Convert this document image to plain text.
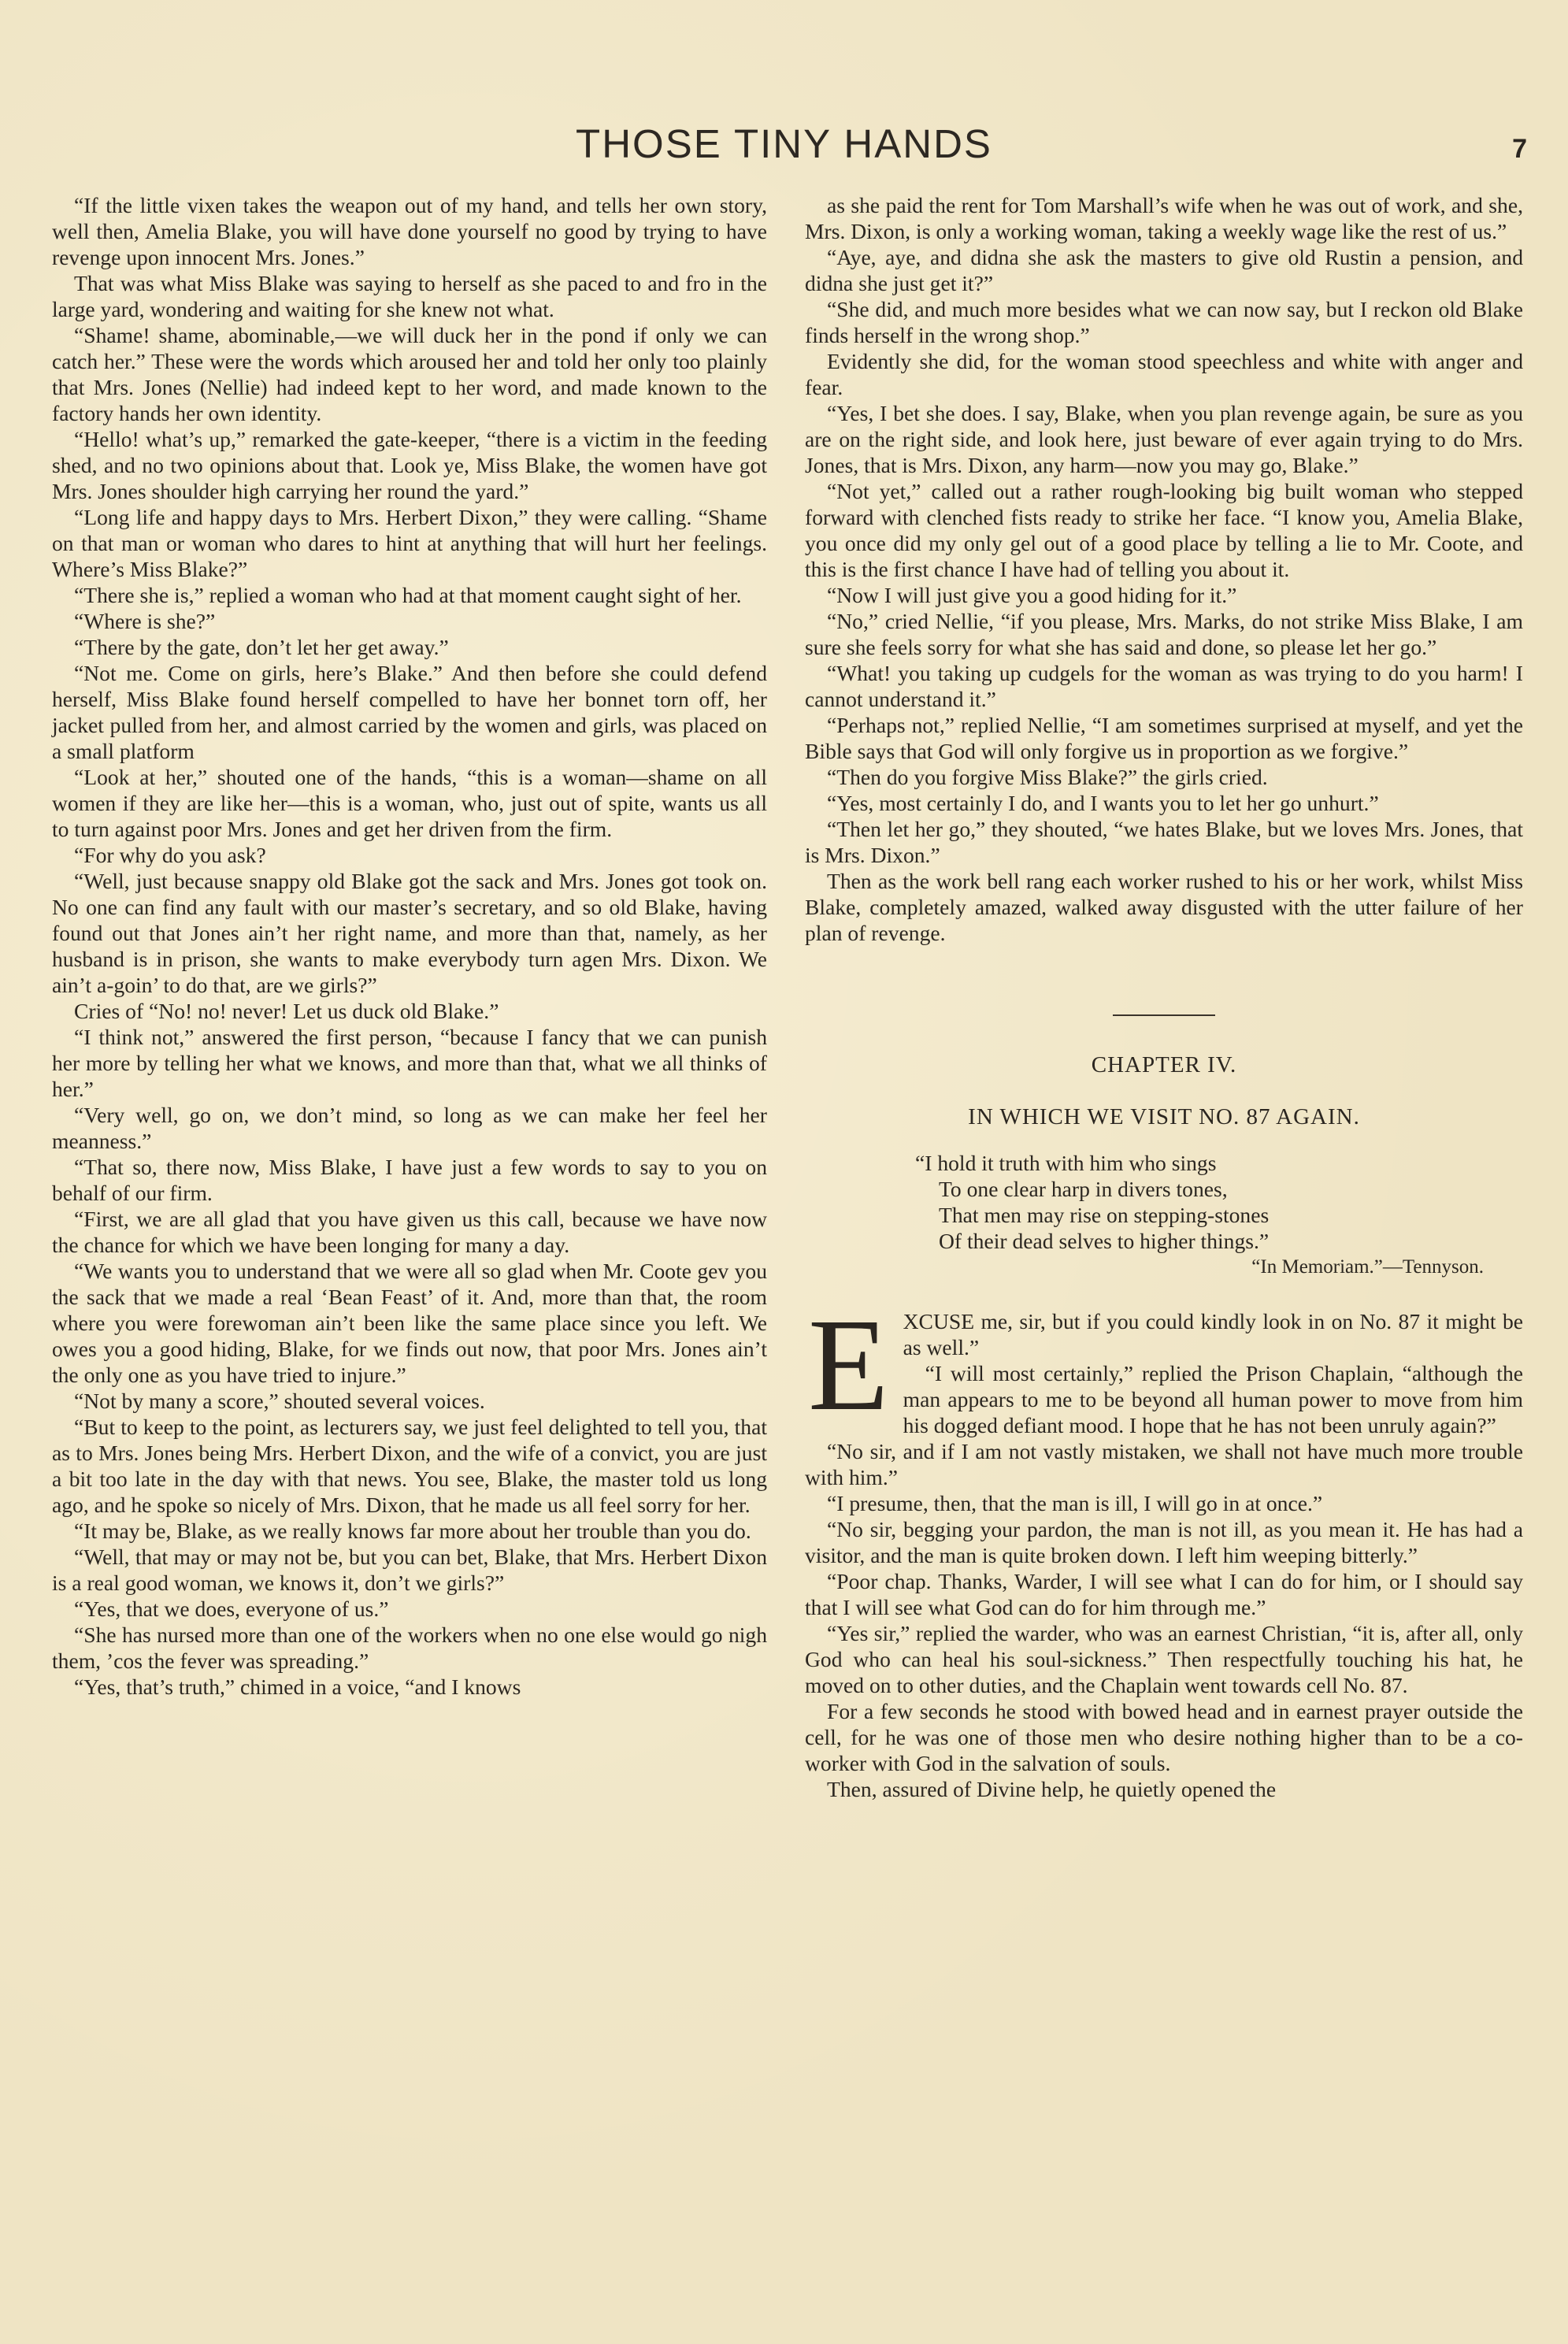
THOSE TINY HANDS	7

“If the little vixen takes the weapon out of my hand, and tells her own story, well then, Amelia Blake, you will have done yourself no good by trying to have revenge upon innocent Mrs. Jones.”

That was what Miss Blake was saying to herself as she paced to and fro in the large yard, wondering and waiting for she knew not what.

“Shame! shame, abominable,—we will duck her in the pond if only we can catch her.” These were the words which aroused her and told her only too plainly that Mrs. Jones (Nellie) had indeed kept to her word, and made known to the factory hands her own identity.

“Hello! what’s up,” remarked the gate-keeper, “there is a victim in the feeding shed, and no two opinions about that. Look ye, Miss Blake, the women have got Mrs. Jones shoulder high carrying her round the yard.”

“Long life and happy days to Mrs. Herbert Dixon,” they were calling. “Shame on that man or woman who dares to hint at anything that will hurt her feelings. Where’s Miss Blake?”

“There she is,” replied a woman who had at that moment caught sight of her.

“Where is she?”

“There by the gate, don’t let her get away.”

“Not me. Come on girls, here’s Blake.” And then before she could defend herself, Miss Blake found herself compelled to have her bonnet torn off, her jacket pulled from her, and almost carried by the women and girls, was placed on a small platform

“Look at her,” shouted one of the hands, “this is a woman—shame on all women if they are like her—this is a woman, who, just out of spite, wants us all to turn against poor Mrs. Jones and get her driven from the firm.

“For why do you ask?

“Well, just because snappy old Blake got the sack and Mrs. Jones got took on. No one can find any fault with our master’s secretary, and so old Blake, having found out that Jones ain’t her right name, and more than that, namely, as her husband is in prison, she wants to make everybody turn agen Mrs. Dixon. We ain’t a-goin’ to do that, are we girls?”

Cries of “No! no! never! Let us duck old Blake.”

“I think not,” answered the first person, “because I fancy that we can punish her more by telling her what we knows, and more than that, what we all thinks of her.”

“Very well, go on, we don’t mind, so long as we can make her feel her meanness.”

“That so, there now, Miss Blake, I have just a few words to say to you on behalf of our firm.

“First, we are all glad that you have given us this call, because we have now the chance for which we have been longing for many a day.

“We wants you to understand that we were all so glad when Mr. Coote gev you the sack that we made a real ‘Bean Feast’ of it. And, more than that, the room where you were forewoman ain’t been like the same place since you left. We owes you a good hiding, Blake, for we finds out now, that poor Mrs. Jones ain’t the only one as you have tried to injure.”

“Not by many a score,” shouted several voices.

“But to keep to the point, as lecturers say, we just feel delighted to tell you, that as to Mrs. Jones being Mrs. Herbert Dixon, and the wife of a convict, you are just a bit too late in the day with that news. You see, Blake, the master told us long ago, and he spoke so nicely of Mrs. Dixon, that he made us all feel sorry for her.

“It may be, Blake, as we really knows far more about her trouble than you do.

“Well, that may or may not be, but you can bet, Blake, that Mrs. Herbert Dixon is a real good woman, we knows it, don’t we girls?”

“Yes, that we does, everyone of us.”

“She has nursed more than one of the workers when no one else would go nigh them, ’cos the fever was spreading.”

“Yes, that’s truth,” chimed in a voice, “and I knows

as she paid the rent for Tom Marshall’s wife when he was out of work, and she, Mrs. Dixon, is only a working woman, taking a weekly wage like the rest of us.”

“Aye, aye, and didna she ask the masters to give old Rustin a pension, and didna she just get it?”

“She did, and much more besides what we can now say, but I reckon old Blake finds herself in the wrong shop.”

Evidently she did, for the woman stood speechless and white with anger and fear.

“Yes, I bet she does. I say, Blake, when you plan revenge again, be sure as you are on the right side, and look here, just beware of ever again trying to do Mrs. Jones, that is Mrs. Dixon, any harm—now you may go, Blake.”

“Not yet,” called out a rather rough-looking big built woman who stepped forward with clenched fists ready to strike her face. “I know you, Amelia Blake, you once did my only gel out of a good place by telling a lie to Mr. Coote, and this is the first chance I have had of telling you about it.

“Now I will just give you a good hiding for it.”

“No,” cried Nellie, “if you please, Mrs. Marks, do not strike Miss Blake, I am sure she feels sorry for what she has said and done, so please let her go.”

“What! you taking up cudgels for the woman as was trying to do you harm! I cannot understand it.”

“Perhaps not,” replied Nellie, “I am sometimes surprised at myself, and yet the Bible says that God will only forgive us in proportion as we forgive.”

“Then do you forgive Miss Blake?” the girls cried.

“Yes, most certainly I do, and I wants you to let her go unhurt.”

“Then let her go,” they shouted, “we hates Blake, but we loves Mrs. Jones, that is Mrs. Dixon.”

Then as the work bell rang each worker rushed to his or her work, whilst Miss Blake, completely amazed, walked away disgusted with the utter failure of her plan of revenge.

CHAPTER IV.
IN WHICH WE VISIT NO. 87 AGAIN.
“I hold it truth with him who sings
To one clear harp in divers tones,
That men may rise on stepping-stones
Of their dead selves to higher things.”
“In Memoriam.”—Tennyson.
E XCUSE me, sir, but if you could kindly look in on No. 87 it might be as well.”

“I will most certainly,” replied the Prison Chaplain, “although the man appears to me to be beyond all human power to move from him his dogged defiant mood. I hope that he has not been unruly again?”

“No sir, and if I am not vastly mistaken, we shall not have much more trouble with him.”

“I presume, then, that the man is ill, I will go in at once.”

“No sir, begging your pardon, the man is not ill, as you mean it. He has had a visitor, and the man is quite broken down. I left him weeping bitterly.”

“Poor chap. Thanks, Warder, I will see what I can do for him, or I should say that I will see what God can do for him through me.”

“Yes sir,” replied the warder, who was an earnest Christian, “it is, after all, only God who can heal his soul-sickness.” Then respectfully touching his hat, he moved on to other duties, and the Chaplain went towards cell No. 87.

For a few seconds he stood with bowed head and in earnest prayer outside the cell, for he was one of those men who desire nothing higher than to be a co-worker with God in the salvation of souls.

Then, assured of Divine help, he quietly opened the
